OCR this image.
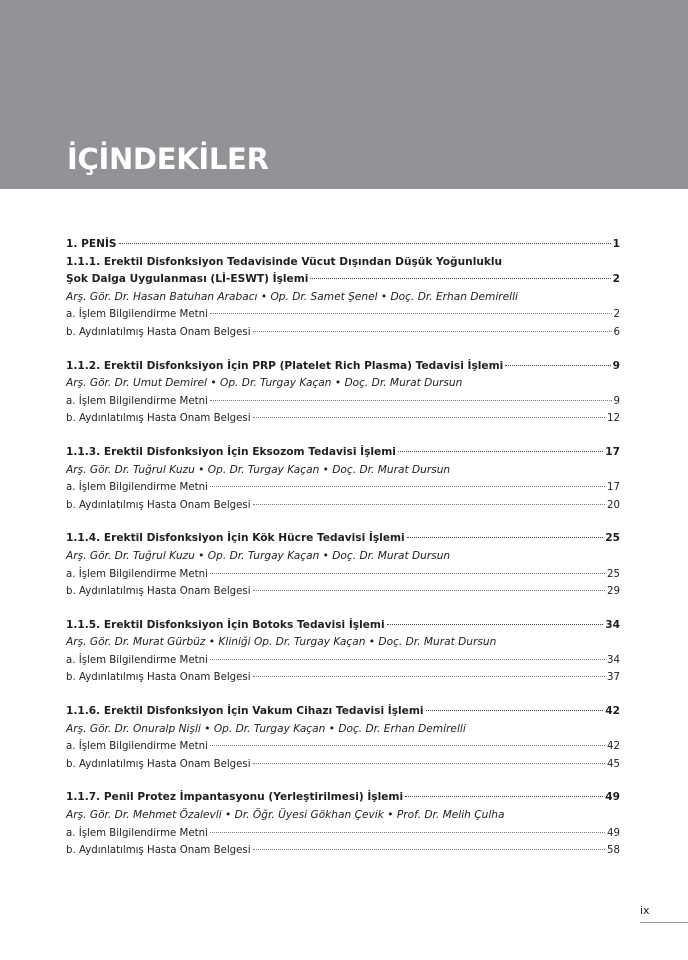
İÇİNDEKİLER
1. PENİS	1
1.1.1. Erektil Disfonksiyon Tedavisinde Vücut Dışından Düşük Yoğunluklu
Şok Dalga Uygulanması (Lİ-ESWT) İşlemi	2
Arş. Gör. Dr. Hasan Batuhan Arabacı • Op. Dr. Samet Şenel • Doç. Dr. Erhan Demirelli
a. İşlem Bilgilendirme Metni	2
b. Aydınlatılmış Hasta Onam Belgesi	6
1.1.2. Erektil Disfonksiyon İçin PRP (Platelet Rich Plasma) Tedavisi İşlemi	9
Arş. Gör. Dr. Umut Demirel • Op. Dr. Turgay Kaçan • Doç. Dr. Murat Dursun
a. İşlem Bilgilendirme Metni	9
b. Aydınlatılmış Hasta Onam Belgesi	12
1.1.3. Erektil Disfonksiyon İçin Eksozom Tedavisi İşlemi	17
Arş. Gör. Dr. Tuğrul Kuzu • Op. Dr. Turgay Kaçan • Doç. Dr. Murat Dursun
a. İşlem Bilgilendirme Metni	17
b. Aydınlatılmış Hasta Onam Belgesi	20
1.1.4. Erektil Disfonksiyon İçin Kök Hücre Tedavisi İşlemi	25
Arş. Gör. Dr. Tuğrul Kuzu • Op. Dr. Turgay Kaçan • Doç. Dr. Murat Dursun
a. İşlem Bilgilendirme Metni	25
b. Aydınlatılmış Hasta Onam Belgesi	29
1.1.5. Erektil Disfonksiyon İçin Botoks Tedavisi İşlemi	34
Arş. Gör. Dr. Murat Gürbüz • Kliniği Op. Dr. Turgay Kaçan • Doç. Dr. Murat Dursun
a. İşlem Bilgilendirme Metni	34
b. Aydınlatılmış Hasta Onam Belgesi	37
1.1.6. Erektil Disfonksiyon İçin Vakum Cihazı Tedavisi İşlemi	42
Arş. Gör. Dr. Onuralp Nişli • Op. Dr. Turgay Kaçan • Doç. Dr. Erhan Demirelli
a. İşlem Bilgilendirme Metni	42
b. Aydınlatılmış Hasta Onam Belgesi	45
1.1.7. Penil Protez İmpantasyonu (Yerleştirilmesi) İşlemi	49
Arş. Gör. Dr. Mehmet Özalevli • Dr. Öğr. Üyesi Gökhan Çevik • Prof. Dr. Melih Çulha
a. İşlem Bilgilendirme Metni	49
b. Aydınlatılmış Hasta Onam Belgesi	58
ix
